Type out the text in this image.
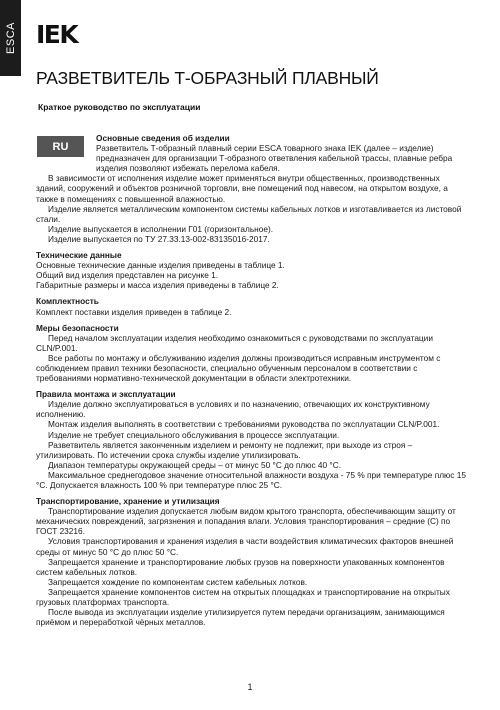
ESCA IEK
РАЗВЕТВИТЕЛЬ Т-ОБРАЗНЫЙ ПЛАВНЫЙ
Краткое руководство по эксплуатации
RU
Основные сведения об изделии

Разветвитель Т-образный плавный серии ESCA товарного знака IEK (далее – изделие) предназначен для организации Т-образного ответвления кабельной трассы, плавные ребра изделия позволяют избежать перелома кабеля.

В зависимости от исполнения изделие может применяться внутри общественных, производственных зданий, сооружений и объектов розничной торговли, вне помещений под навесом, на открытом воздухе, а также в помещениях с повышенной влажностью.

Изделие является металлическим компонентом системы кабельных лотков и изготавливается из листовой стали.

Изделие выпускается в исполнении Г01 (горизонтальное).

Изделие выпускается по ТУ 27.33.13-002-83135016-2017.

Технические данные

Основные технические данные изделия приведены в таблице 1.

Общий вид изделия представлен на рисунке 1.

Габаритные размеры и масса изделия приведены в таблице 2.

Комплектность

Комплект поставки изделия приведен в таблице 2.

Меры безопасности

Перед началом эксплуатации изделия необходимо ознакомиться с руководствами по эксплуатации CLN/P.001.

Все работы по монтажу и обслуживанию изделия должны производиться исправным инструментом с соблюдением правил техники безопасности, специально обученным персоналом в соответствии с требованиями нормативно-технической документации в области электротехники.

Правила монтажа и эксплуатации

Изделие должно эксплуатироваться в условиях и по назначению, отвечающих их конструктивному исполнению.

Монтаж изделия выполнять в соответствии с требованиями руководства по эксплуатации CLN/P.001.

Изделие не требует специального обслуживания в процессе эксплуатации.

Разветвитель является законченным изделием и ремонту не подлежит, при выходе из строя – утилизировать. По истечении срока службы изделие утилизировать.

Диапазон температуры окружающей среды – от минус 50 °С до плюс 40 °С.

Максимальное среднегодовое значение относительной влажности воздуха - 75 % при температуре плюс 15 °С. Допускается влажность 100 % при температуре плюс 25 °С.

Транспортирование, хранение и утилизация

Транспортирование изделия допускается любым видом крытого транспорта, обеспечивающим защиту от механических повреждений, загрязнения и попадания влаги. Условия транспортирования – средние (С) по ГОСТ 23216.

Условия транспортирования и хранения изделия в части воздействия климатических факторов внешней среды от минус 50 °С до плюс 50 °С.

Запрещается хранение и транспортирование любых грузов на поверхности упакованных компонентов систем кабельных лотков.

Запрещается хождение по компонентам систем кабельных лотков.

Запрещается хранение компонентов систем на открытых площадках и транспортирование на открытых грузовых платформах транспорта.

После вывода из эксплуатации изделие утилизируется путем передачи организациям, занимающимся приёмом и переработкой чёрных металлов.

1
